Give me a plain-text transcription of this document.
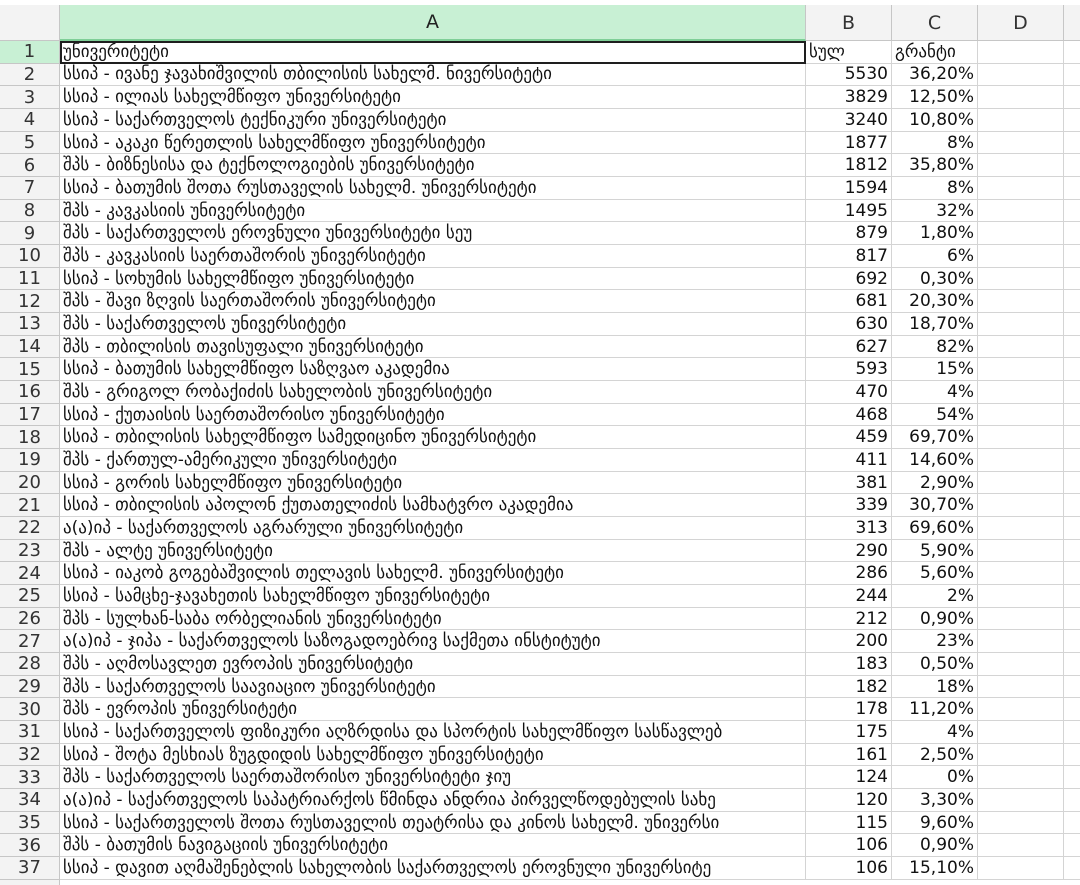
A	B	C	D
1	უნივერიტეტი	სულ	გრანტი
2	სსიპ - ივანე ჯავახიშვილის თბილისის სახელმ. ნივერსიტეტი	5530	36,20%
3	სსიპ - ილიას სახელმწიფო უნივერსიტეტი	3829	12,50%
4	სსიპ - საქართველოს ტექნიკური უნივერსიტეტი	3240	10,80%
5	სსიპ - აკაკი წერეთლის სახელმწიფო უნივერსიტეტი	1877	8%
6	შპს - ბიზნესისა და ტექნოლოგიების უნივერსიტეტი	1812	35,80%
7	სსიპ - ბათუმის შოთა რუსთაველის სახელმ. უნივერსიტეტი	1594	8%
8	შპს - კავკასიის უნივერსიტეტი	1495	32%
9	შპს - საქართველოს ეროვნული უნივერსიტეტი სეუ	879	1,80%
10	შპს - კავკასიის საერთაშორის უნივერსიტეტი	817	6%
11	სსიპ - სოხუმის სახელმწიფო უნივერსიტეტი	692	0,30%
12	შპს - შავი ზღვის საერთაშორის უნივერსიტეტი	681	20,30%
13	შპს - საქართველოს უნივერსიტეტი	630	18,70%
14	შპს - თბილისის თავისუფალი უნივერსიტეტი	627	82%
15	სსიპ - ბათუმის სახელმწიფო საზღვაო აკადემია	593	15%
16	შპს - გრიგოლ რობაქიძის სახელობის უნივერსიტეტი	470	4%
17	სსიპ - ქუთაისის საერთაშორისო უნივერსიტეტი	468	54%
18	სსიპ - თბილისის სახელმწიფო სამედიცინო უნივერსიტეტი	459	69,70%
19	შპს - ქართულ-ამერიკული უნივერსიტეტი	411	14,60%
20	სსიპ - გორის სახელმწიფო უნივერსიტეტი	381	2,90%
21	სსიპ - თბილისის აპოლონ ქუთათელიძის სამხატვრო აკადემია	339	30,70%
22	ა(ა)იპ - საქართველოს აგრარული უნივერსიტეტი	313	69,60%
23	შპს - ალტე უნივერსიტეტი	290	5,90%
24	სსიპ - იაკობ გოგებაშვილის თელავის სახელმ. უნივერსიტეტი	286	5,60%
25	სსიპ - სამცხე-ჯავახეთის სახელმწიფო უნივერსიტეტი	244	2%
26	შპს - სულხან-საბა ორბელიანის უნივერსიტეტი	212	0,90%
27	ა(ა)იპ - ჯიპა - საქართველოს საზოგადოებრივ საქმეთა ინსტიტუტი	200	23%
28	შპს - აღმოსავლეთ ევროპის უნივერსიტეტი	183	0,50%
29	შპს - საქართველოს საავიაციო უნივერსიტეტი	182	18%
30	შპს - ევროპის უნივერსიტეტი	178	11,20%
31	სსიპ - საქართველოს ფიზიკური აღზრდისა და სპორტის სახელმწიფო სასწავლებ	175	4%
32	სსიპ - შოტა მესხიას ზუგდიდის სახელმწიფო უნივერსიტეტი	161	2,50%
33	შპს - საქართველოს საერთაშორისო უნივერსიტეტი ჯიუ	124	0%
34	ა(ა)იპ - საქართველოს საპატრიარქოს წმინდა ანდრია პირველწოდებულის სახე	120	3,30%
35	სსიპ - საქართველოს შოთა რუსთაველის თეატრისა და კინოს სახელმ. უნივერსი	115	9,60%
36	შპს - ბათუმის ნავიგაციის უნივერსიტეტი	106	0,90%
37	სსიპ - დავით აღმაშენებლის სახელობის საქართველოს ეროვნული უნივერსიტე	106	15,10%
